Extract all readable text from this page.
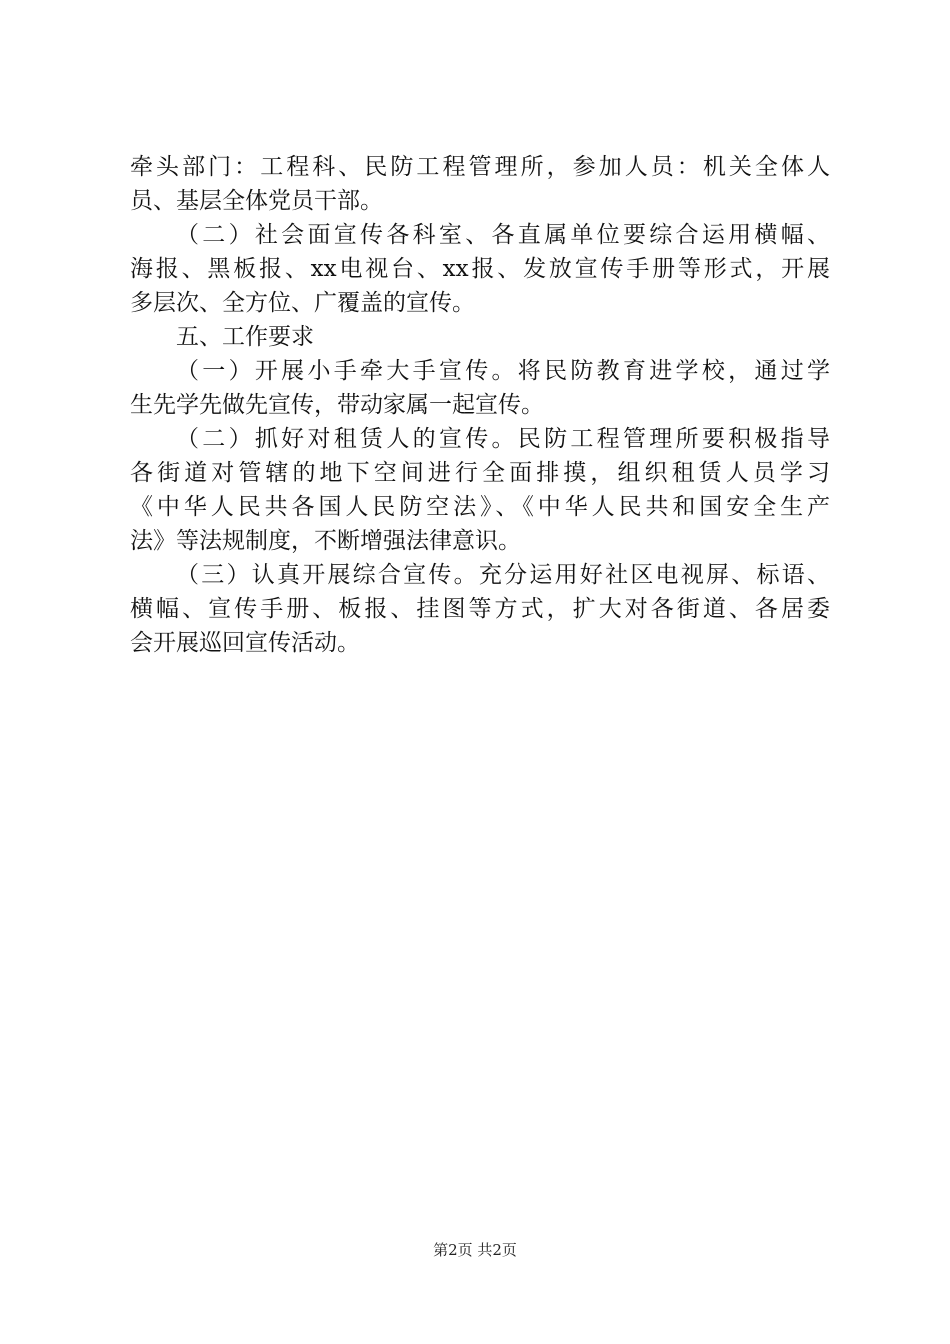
牵头部门：工程科、民防工程管理所，参加人员：机关全体人
员、基层全体党员干部。
（二）社会面宣传各科室、各直属单位要综合运用横幅、
海报、黑板报、xx电视台、xx报、发放宣传手册等形式，开展
多层次、全方位、广覆盖的宣传。
五、工作要求
（一）开展小手牵大手宣传。将民防教育进学校，通过学
生先学先做先宣传，带动家属一起宣传。
（二）抓好对租赁人的宣传。民防工程管理所要积极指导
各街道对管辖的地下空间进行全面排摸，组织租赁人员学习
《中华人民共各国人民防空法》、《中华人民共和国安全生产
法》等法规制度，不断增强法律意识。
（三）认真开展综合宣传。充分运用好社区电视屏、标语、
横幅、宣传手册、板报、挂图等方式，扩大对各街道、各居委
会开展巡回宣传活动。
第2页 共2页
